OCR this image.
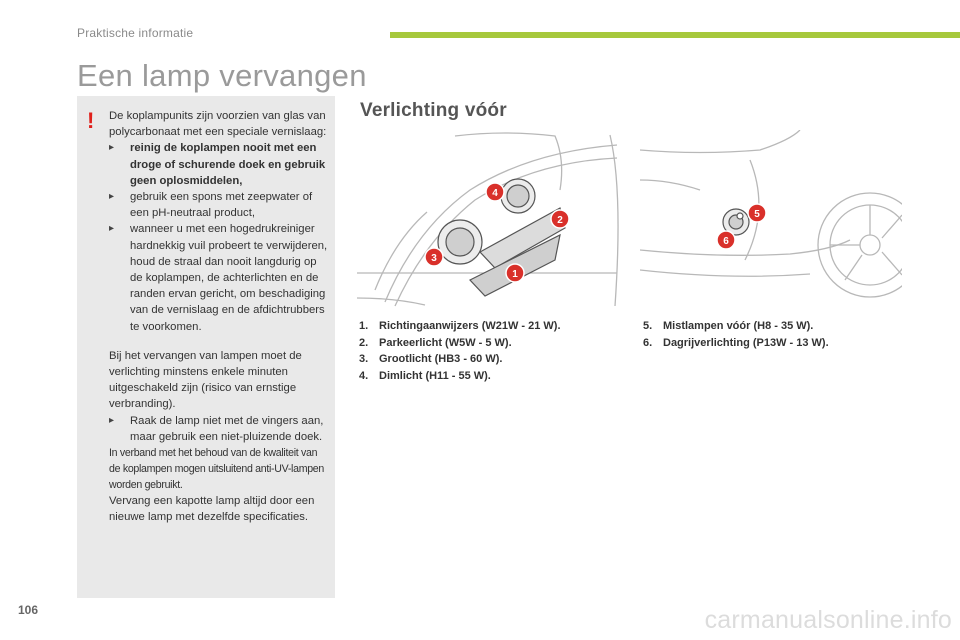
Praktische informatie
Een lamp vervangen
! De koplampunits zijn voorzien van glas van polycarbonaat met een speciale vernislaag:

▸ reinig de koplampen nooit met een droge of schurende doek en gebruik geen oplosmiddelen,
▸ gebruik een spons met zeepwater of een pH-neutraal product,
▸ wanneer u met een hogedrukreiniger hardnekkig vuil probeert te verwijderen, houd de straal dan nooit langdurig op de koplampen, de achterlichten en de randen ervan gericht, om beschadiging van de vernislaag en de afdichtrubbers te voorkomen.

Bij het vervangen van lampen moet de verlichting minstens enkele minuten uitgeschakeld zijn (risico van ernstige verbranding).

▸ Raak de lamp niet met de vingers aan, maar gebruik een niet-pluizende doek.

In verband met het behoud van de kwaliteit van de koplampen mogen uitsluitend anti-UV-lampen worden gebruikt.

Vervang een kapotte lamp altijd door een nieuwe lamp met dezelfde specificaties.

Verlichting vóór
4
2
3
1
5
6
1. Richtingaanwijzers (W21W - 21 W).
2. Parkeerlicht (W5W - 5 W).
3. Grootlicht (HB3 - 60 W).
4. Dimlicht (H11 - 55 W).
5. Mistlampen vóór (H8 - 35 W).
6. Dagrijverlichting (P13W - 13 W).
106	carmanualsonline.info
